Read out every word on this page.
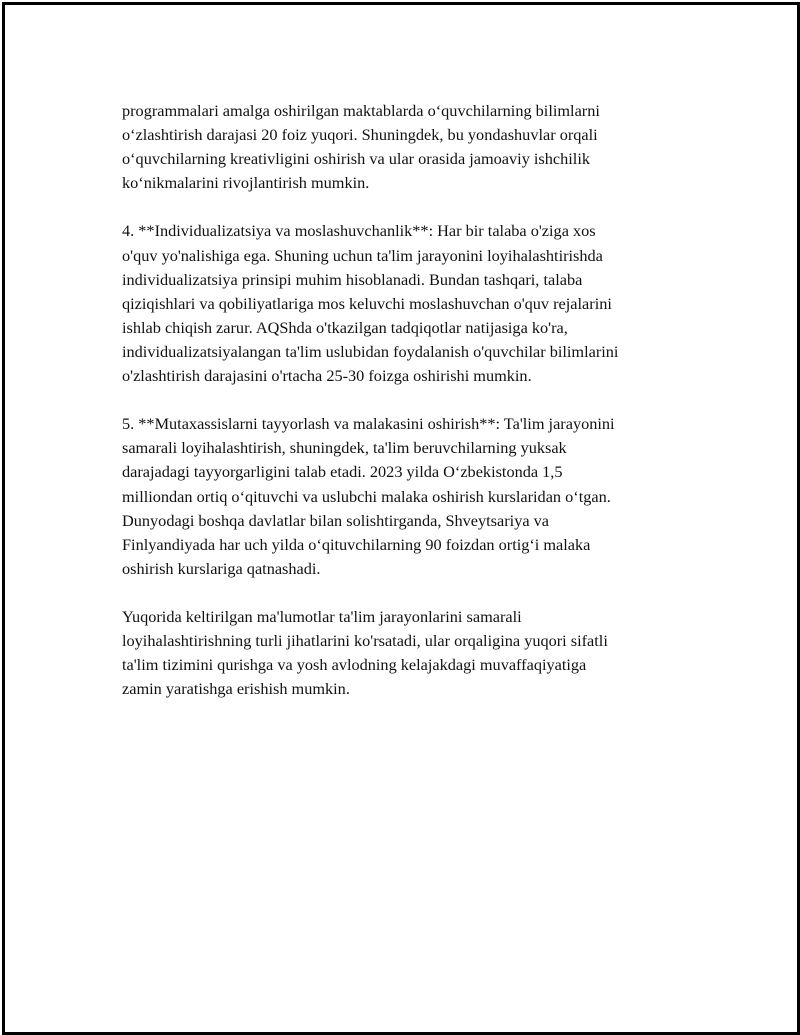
programmalari amalga oshirilgan maktablarda o‘quvchilarning bilimlarni
o‘zlashtirish darajasi 20 foiz yuqori. Shuningdek, bu yondashuvlar orqali
o‘quvchilarning kreativligini oshirish va ular orasida jamoaviy ishchilik
ko‘nikmalarini rivojlantirish mumkin.

4. **Individualizatsiya va moslashuvchanlik**: Har bir talaba o'ziga xos
o'quv yo'nalishiga ega. Shuning uchun ta'lim jarayonini loyihalashtirishda
individualizatsiya prinsipi muhim hisoblanadi. Bundan tashqari, talaba
qiziqishlari va qobiliyatlariga mos keluvchi moslashuvchan o'quv rejalarini
ishlab chiqish zarur. AQShda o'tkazilgan tadqiqotlar natijasiga ko'ra,
individualizatsiyalangan ta'lim uslubidan foydalanish o'quvchilar bilimlarini
o'zlashtirish darajasini o'rtacha 25-30 foizga oshirishi mumkin.

5. **Mutaxassislarni tayyorlash va malakasini oshirish**: Ta'lim jarayonini
samarali loyihalashtirish, shuningdek, ta'lim beruvchilarning yuksak
darajadagi tayyorgarligini talab etadi. 2023 yilda O‘zbekistonda 1,5
milliondan ortiq o‘qituvchi va uslubchi malaka oshirish kurslaridan o‘tgan.
Dunyodagi boshqa davlatlar bilan solishtirganda, Shveytsariya va
Finlyandiyada har uch yilda o‘qituvchilarning 90 foizdan ortig‘i malaka
oshirish kurslariga qatnashadi.

Yuqorida keltirilgan ma'lumotlar ta'lim jarayonlarini samarali
loyihalashtirishning turli jihatlarini ko'rsatadi, ular orqaligina yuqori sifatli
ta'lim tizimini qurishga va yosh avlodning kelajakdagi muvaffaqiyatiga
zamin yaratishga erishish mumkin.
